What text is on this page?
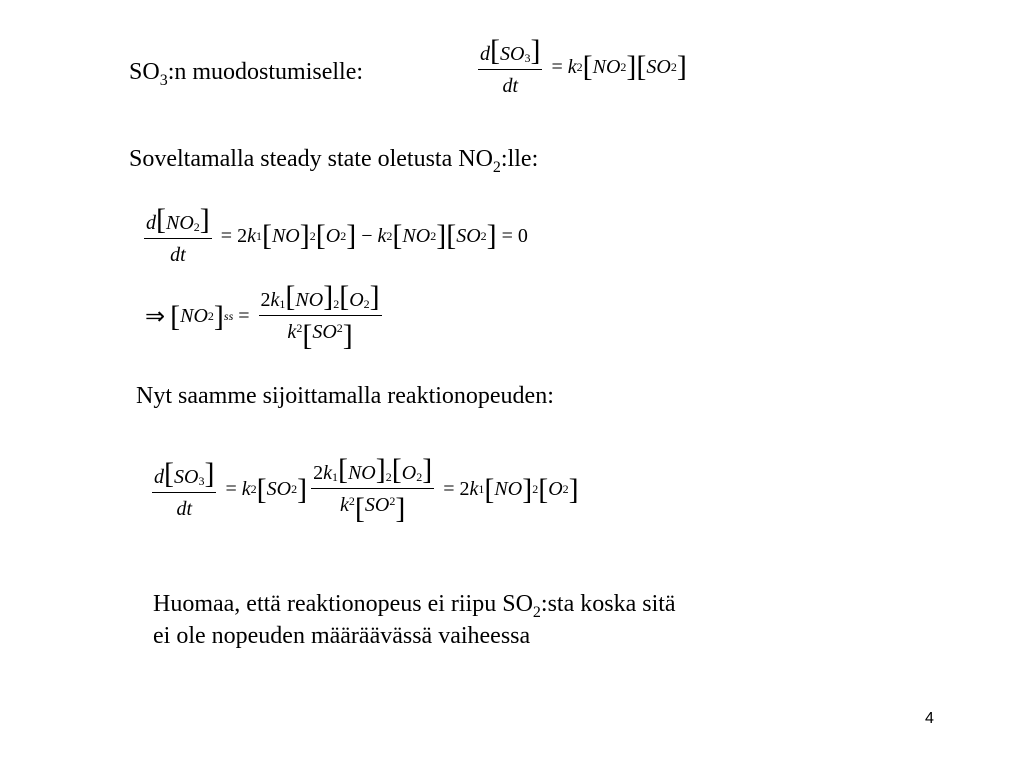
$SO_3:n$ muodostumiselle:	$\frac{d [ SO_3 ]}{dt} = k$ 2 [ NO 2 ] [ SO 2 ]
Soveltamalla steady state oletusta $NO_2:lle$:
$\frac{d [ NO_2 ]}{dt} = 2$ k 1 [ NO ] 2 [ O 2 ] − k 2 [ NO 2 ] [ SO 2 ] = 0
⇒ [ NO 2 ] ss = $\frac{2 k_1 [ NO ]_2 [ O_2 ]}{k^2 [ SO^2 ]}$
Nyt saamme sijoittamalla reaktionopeuden:
$\frac{d [ SO_3 ]}{dt} = k$ 2 [ SO 2 ] $\frac{2 k_1 [ NO ]_2 [ O_2 ]}{k^2 [ SO^2 ]} = 2$ k 1 [ NO ] 2 [ O 2 ]
Huomaa, että reaktionopeus ei riipu $SO_2:sta$ koska sitä
ei ole nopeuden määräävässä vaiheessa
4
